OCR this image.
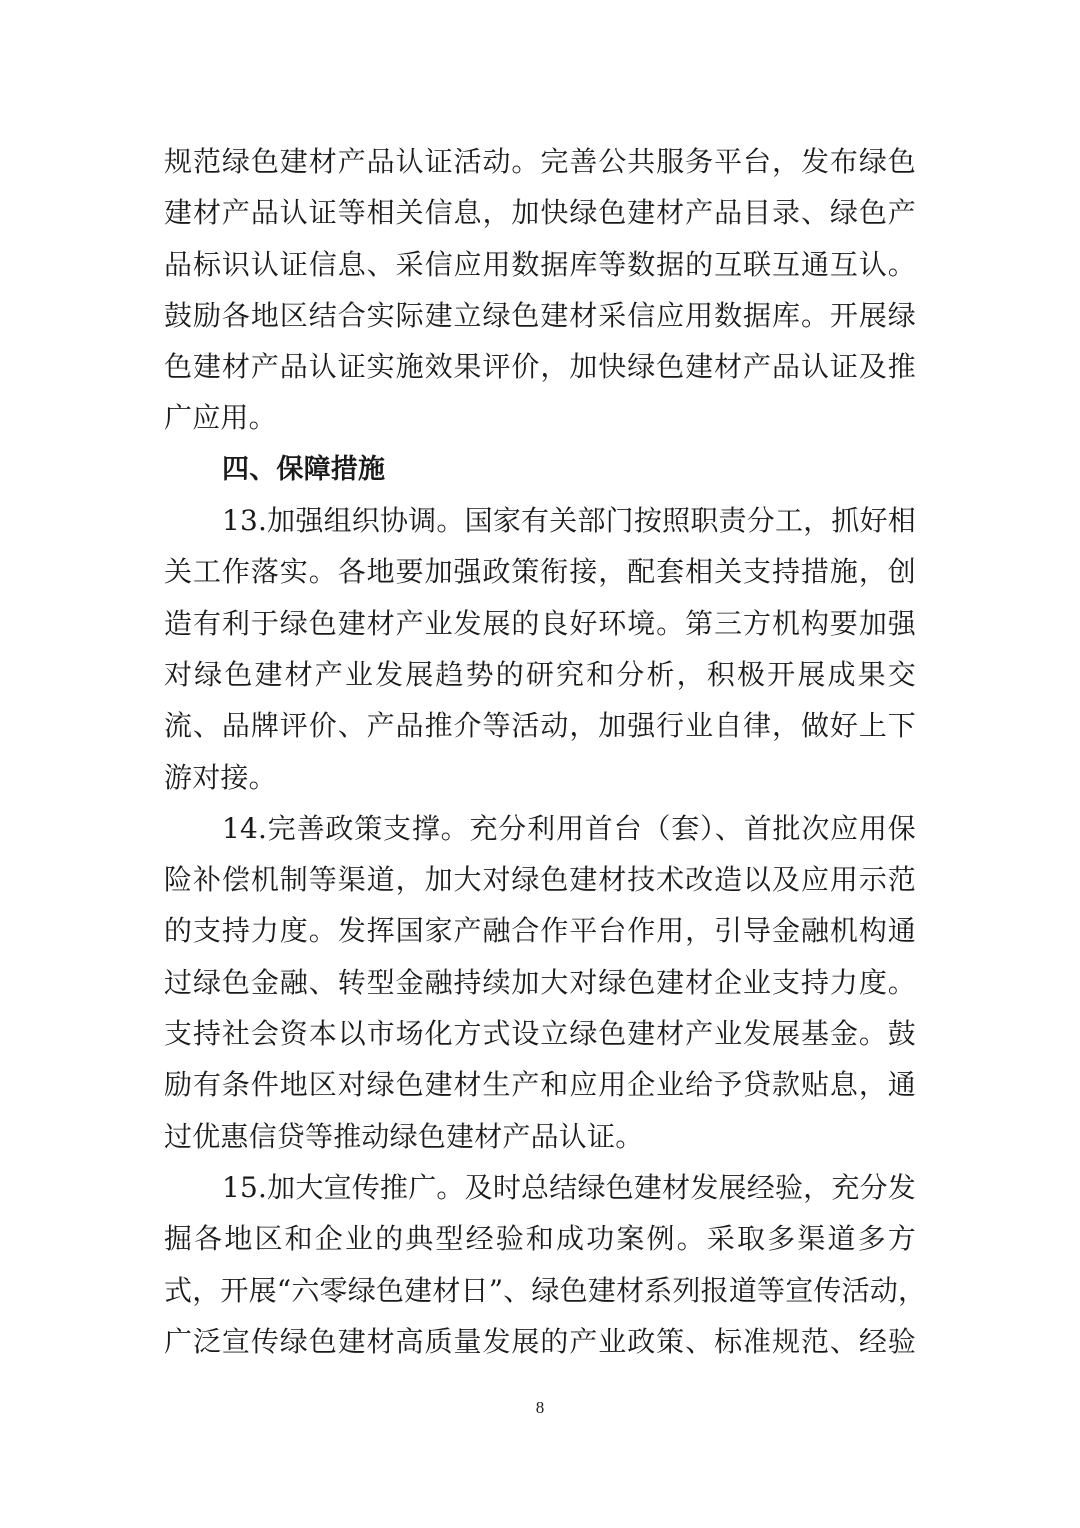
规范绿色建材产品认证活动。完善公共服务平台，发布绿色
建材产品认证等相关信息，加快绿色建材产品目录、绿色产
品标识认证信息、采信应用数据库等数据的互联互通互认。
鼓励各地区结合实际建立绿色建材采信应用数据库。开展绿
色建材产品认证实施效果评价，加快绿色建材产品认证及推
广应用。
四、保障措施
13.加强组织协调。国家有关部门按照职责分工，抓好相
关工作落实。各地要加强政策衔接，配套相关支持措施，创
造有利于绿色建材产业发展的良好环境。第三方机构要加强
对绿色建材产业发展趋势的研究和分析，积极开展成果交
流、品牌评价、产品推介等活动，加强行业自律，做好上下
游对接。
14.完善政策支撑。充分利用首台（套）、首批次应用保
险补偿机制等渠道，加大对绿色建材技术改造以及应用示范
的支持力度。发挥国家产融合作平台作用，引导金融机构通
过绿色金融、转型金融持续加大对绿色建材企业支持力度。
支持社会资本以市场化方式设立绿色建材产业发展基金。鼓
励有条件地区对绿色建材生产和应用企业给予贷款贴息，通
过优惠信贷等推动绿色建材产品认证。
15.加大宣传推广。及时总结绿色建材发展经验，充分发
掘各地区和企业的典型经验和成功案例。采取多渠道多方
式，开展“六零绿色建材日”、绿色建材系列报道等宣传活动，
广泛宣传绿色建材高质量发展的产业政策、标准规范、经验
8
